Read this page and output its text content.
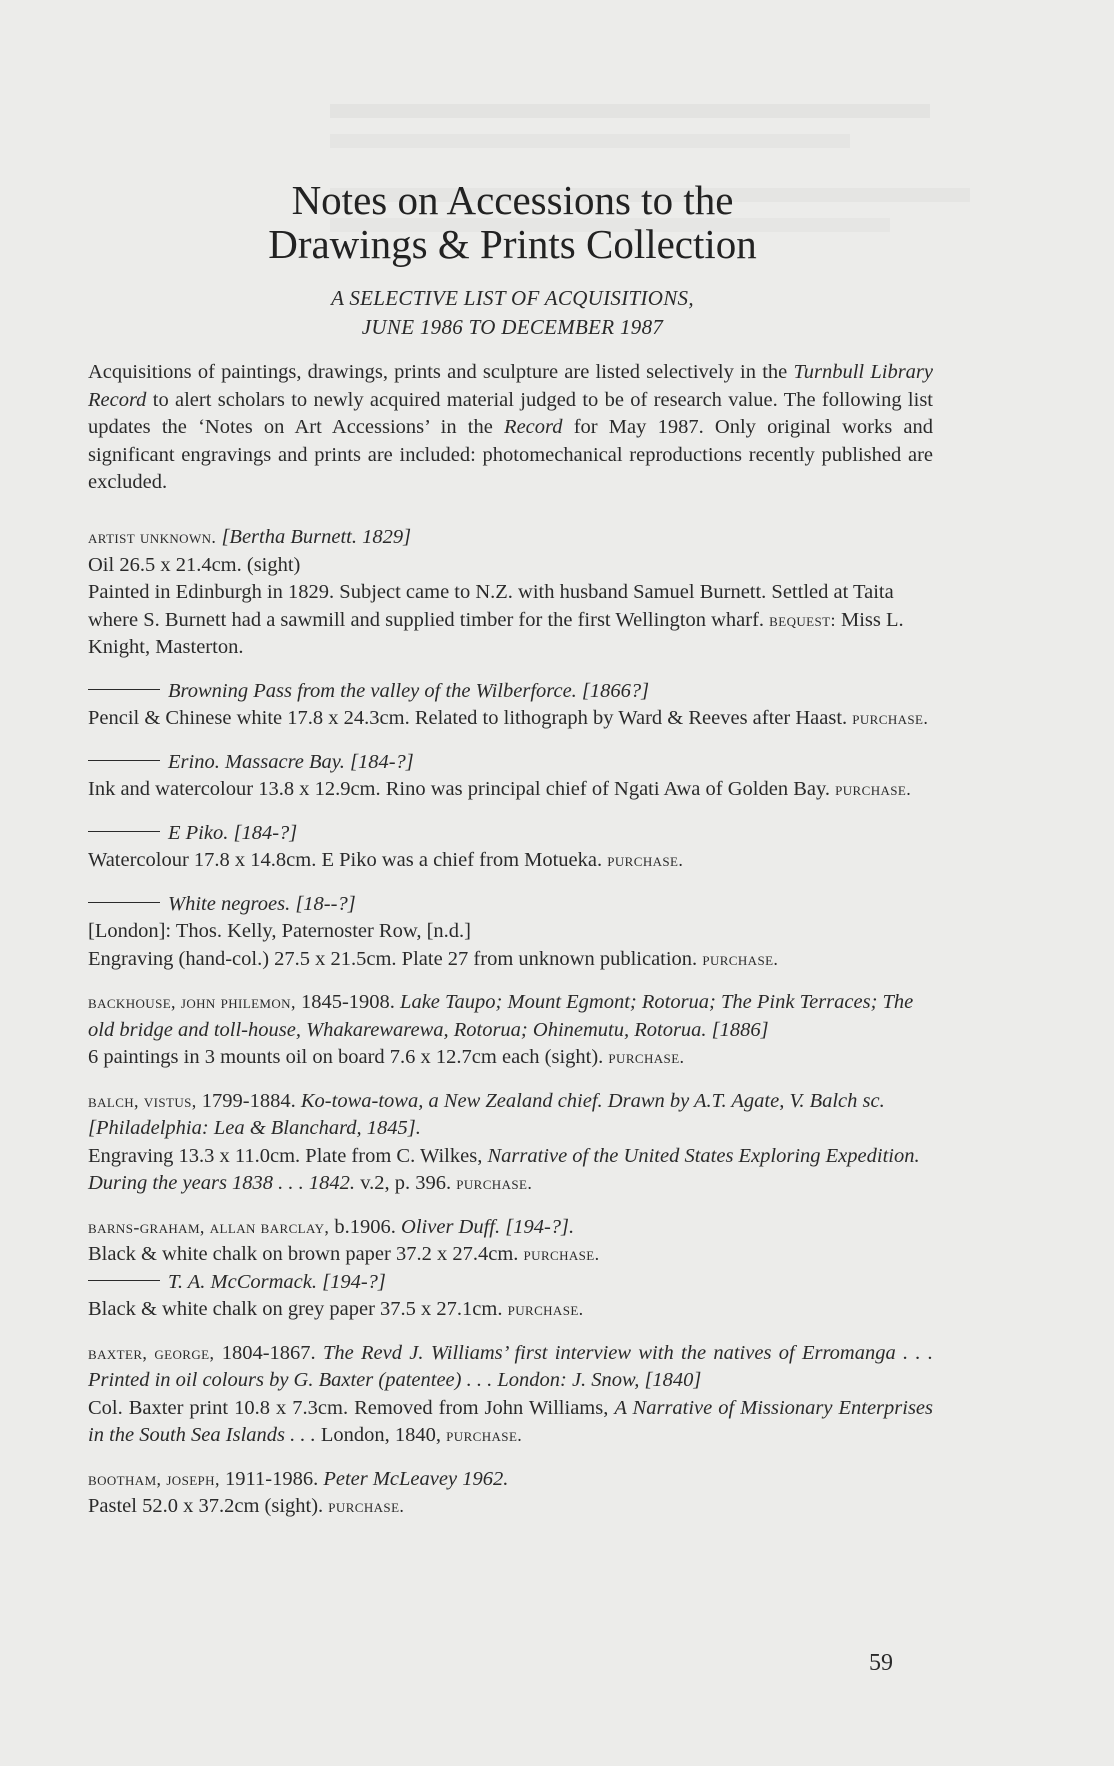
Notes on Accessions to the
Drawings & Prints Collection
A SELECTIVE LIST OF ACQUISITIONS,
JUNE 1986 TO DECEMBER 1987

Acquisitions of paintings, drawings, prints and sculpture are listed selectively in the Turnbull Library Record to alert scholars to newly acquired material judged to be of research value. The following list updates the ‘Notes on Art Accessions’ in the Record for May 1987. Only original works and significant engravings and prints are included: photomechanical reproductions recently published are excluded.

artist unknown. [Bertha Burnett. 1829]
Oil 26.5 x 21.4cm. (sight)
Painted in Edinburgh in 1829. Subject came to N.Z. with husband Samuel Burnett. Settled at Taita where S. Burnett had a sawmill and supplied timber for the first Wellington wharf. bequest: Miss L. Knight, Masterton.
Browning Pass from the valley of the Wilberforce. [1866?]
Pencil & Chinese white 17.8 x 24.3cm. Related to lithograph by Ward & Reeves after Haast. purchase.
Erino. Massacre Bay. [184-?]
Ink and watercolour 13.8 x 12.9cm. Rino was principal chief of Ngati Awa of Golden Bay. purchase.
E Piko. [184-?]
Watercolour 17.8 x 14.8cm. E Piko was a chief from Motueka. purchase.
White negroes. [18--?]

[London]: Thos. Kelly, Paternoster Row, [n.d.]
Engraving (hand-col.) 27.5 x 21.5cm. Plate 27 from unknown publication. purchase.
backhouse, john philemon, 1845-1908. Lake Taupo; Mount Egmont; Rotorua; The Pink Terraces; The old bridge and toll-house, Whakarewarewa, Rotorua; Ohinemutu, Rotorua. [1886]
6 paintings in 3 mounts oil on board 7.6 x 12.7cm each (sight). purchase.
balch, vistus, 1799-1884. Ko-towa-towa, a New Zealand chief. Drawn by A.T. Agate, V. Balch sc. [Philadelphia: Lea & Blanchard, 1845].
Engraving 13.3 x 11.0cm. Plate from C. Wilkes, Narrative of the United States Exploring Expedition. During the years 1838 . . . 1842. v.2, p. 396. purchase.
barns-graham, allan barclay, b.1906. Oliver Duff. [194-?].
Black & white chalk on brown paper 37.2 x 27.4cm. purchase.
T. A. McCormack. [194-?]
Black & white chalk on grey paper 37.5 x 27.1cm. purchase.
baxter, george, 1804-1867. The Revd J. Williams’ first interview with the natives of Erromanga . . . Printed in oil colours by G. Baxter (patentee) . . . London: J. Snow, [1840]
Col. Baxter print 10.8 x 7.3cm. Removed from John Williams, A Narrative of Missionary Enterprises in the South Sea Islands . . . London, 1840, purchase.
bootham, joseph, 1911-1986. Peter McLeavey 1962.
Pastel 52.0 x 37.2cm (sight). purchase.
59
